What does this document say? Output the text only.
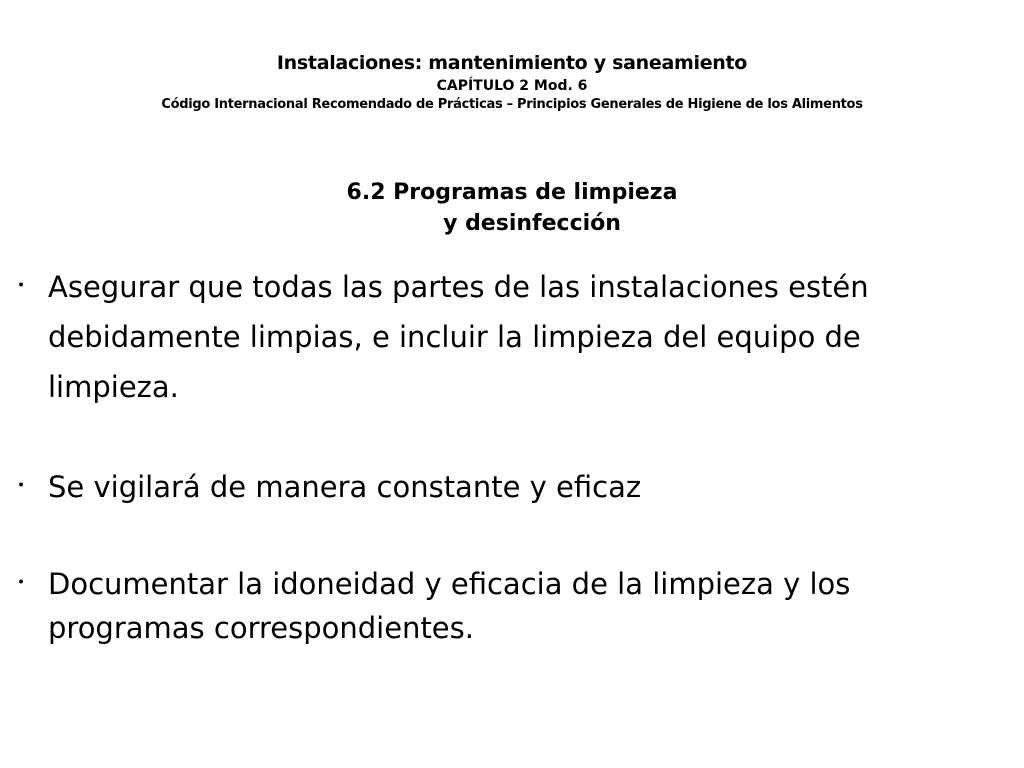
Instalaciones: mantenimiento y saneamiento
CAPÍTULO 2 Mod. 6
Código Internacional Recomendado de Prácticas – Principios Generales de Higiene de los Alimentos
6.2 Programas de limpieza
y desinfección
・ Asegurar que todas las partes de las instalaciones estén debidamente limpias, e incluir la limpieza del equipo de limpieza.
・ Se vigilará de manera constante y eficaz
・ Documentar la idoneidad y eficacia de la limpieza y los programas correspondientes.
